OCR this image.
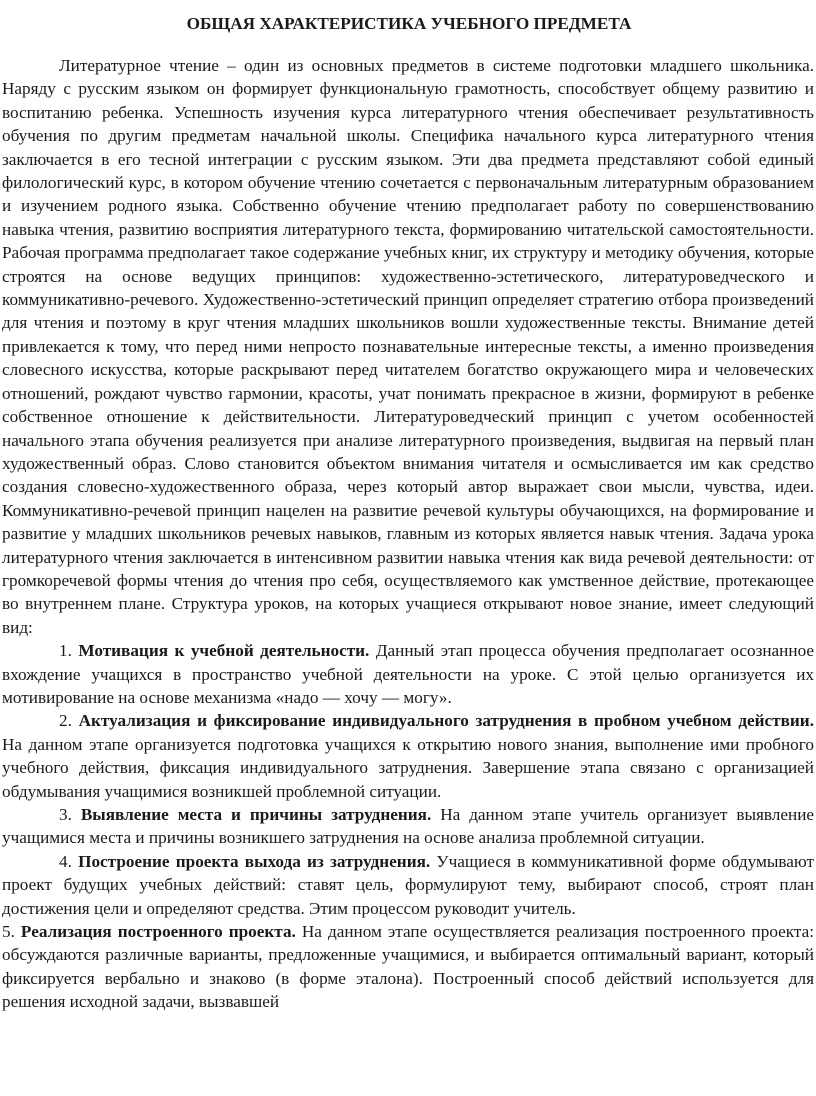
ОБЩАЯ ХАРАКТЕРИСТИКА УЧЕБНОГО ПРЕДМЕТА

Литературное чтение – один из основных предметов в системе подготовки младшего школьника. Наряду с русским языком он формирует функциональную грамотность, способствует общему развитию и воспитанию ребенка. Успешность изучения курса литературного чтения обеспечивает результативность обучения по другим предметам начальной школы. Специфика начального курса литературного чтения заключается в его тесной интеграции с русским языком. Эти два предмета представляют собой единый филологический курс, в котором обучение чтению сочетается с первоначальным литературным образованием и изучением родного языка. Собственно обучение чтению предполагает работу по совершенствованию навыка чтения, развитию восприятия литературного текста, формированию читательской самостоятельности. Рабочая программа предполагает такое содержание учебных книг, их структуру и методику обучения, которые строятся на основе ведущих принципов: художественно-эстетического, литературоведческого и коммуникативно-речевого. Художественно-эстетический принцип определяет стратегию отбора произведений для чтения и поэтому в круг чтения младших школьников вошли художественные тексты. Внимание детей привлекается к тому, что перед ними непросто познавательные интересные тексты, а именно произведения словесного искусства, которые раскрывают перед читателем богатство окружающего мира и человеческих отношений, рождают чувство гармонии, красоты, учат понимать прекрасное в жизни, формируют в ребенке собственное отношение к действительности. Литературоведческий принцип с учетом особенностей начального этапа обучения реализуется при анализе литературного произведения, выдвигая на первый план художественный образ. Слово становится объектом внимания читателя и осмысливается им как средство создания словесно-художественного образа, через который автор выражает свои мысли, чувства, идеи. Коммуникативно-речевой принцип нацелен на развитие речевой культуры обучающихся, на формирование и развитие у младших школьников речевых навыков, главным из которых является навык чтения. Задача урока литературного чтения заключается в интенсивном развитии навыка чтения как вида речевой деятельности: от громкоречевой формы чтения до чтения про себя, осуществляемого как умственное действие, протекающее во внутреннем плане. Структура уроков, на которых учащиеся открывают новое знание, имеет следующий вид:

1. Мотивация к учебной деятельности. Данный этап процесса обучения предполагает осознанное вхождение учащихся в пространство учебной деятельности на уроке. С этой целью организуется их мотивирование на основе механизма «надо — хочу — могу».

2. Актуализация и фиксирование индивидуального затруднения в пробном учебном действии. На данном этапе организуется подготовка учащихся к открытию нового знания, выполнение ими пробного учебного действия, фиксация индивидуального затруднения. Завершение этапа связано с организацией обдумывания учащимися возникшей проблемной ситуации.

3. Выявление места и причины затруднения. На данном этапе учитель организует выявление учащимися места и причины возникшего затруднения на основе анализа проблемной ситуации.

4. Построение проекта выхода из затруднения. Учащиеся в коммуникативной форме обдумывают проект будущих учебных действий: ставят цель, формулируют тему, выбирают способ, строят план достижения цели и определяют средства. Этим процессом руководит учитель.

5. Реализация построенного проекта. На данном этапе осуществляется реализация построенного проекта: обсуждаются различные варианты, предложенные учащимися, и выбирается оптимальный вариант, который фиксируется вербально и знаково (в форме эталона). Построенный способ действий используется для решения исходной задачи, вызвавшей
